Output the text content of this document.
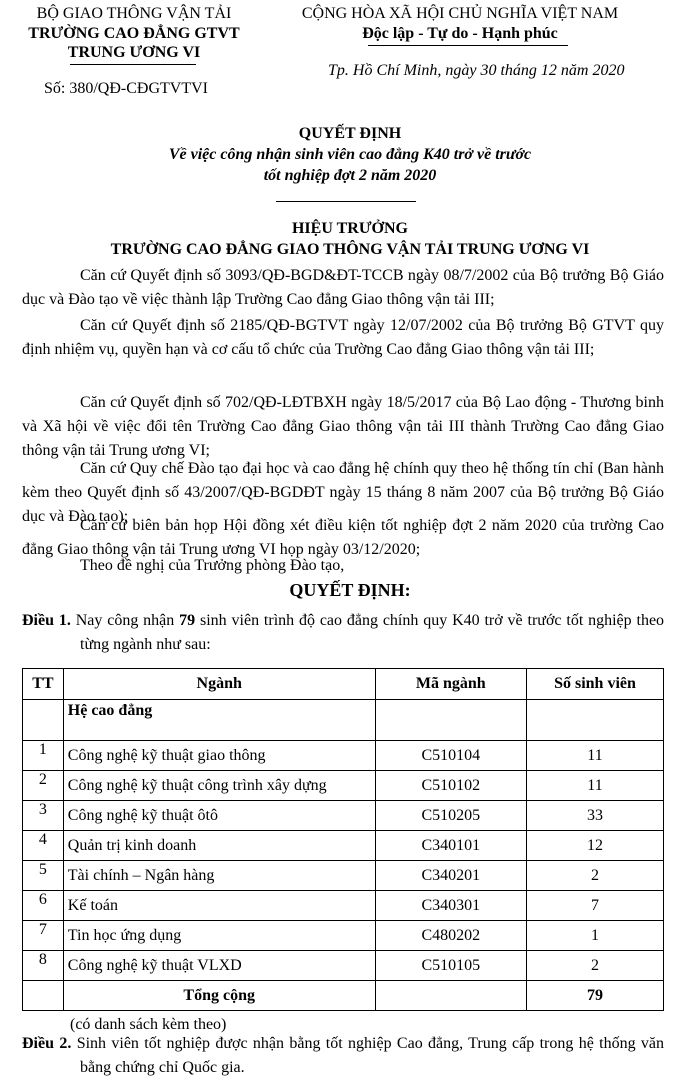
BỘ GIAO THÔNG VẬN TẢI
TRƯỜNG CAO ĐẲNG GTVT
TRUNG ƯƠNG VI
Số: 380/QĐ-CĐGTVTVI
CỘNG HÒA XÃ HỘI CHỦ NGHĨA VIỆT NAM
Độc lập - Tự do - Hạnh phúc
Tp. Hồ Chí Minh, ngày 30 tháng 12 năm 2020
QUYẾT ĐỊNH
Về việc công nhận sinh viên cao đẳng K40 trở về trước
tốt nghiệp đợt 2 năm 2020
HIỆU TRƯỞNG
TRƯỜNG CAO ĐẲNG GIAO THÔNG VẬN TẢI TRUNG ƯƠNG VI
Căn cứ Quyết định số 3093/QĐ-BGD&ĐT-TCCB ngày 08/7/2002 của Bộ trưởng Bộ Giáo dục và Đào tạo về việc thành lập Trường Cao đẳng Giao thông vận tải III;
Căn cứ Quyết định số 2185/QĐ-BGTVT ngày 12/07/2002 của Bộ trưởng Bộ GTVT quy định nhiệm vụ, quyền hạn và cơ cấu tổ chức của Trường Cao đẳng Giao thông vận tải III;
Căn cứ Quyết định số 702/QĐ-LĐTBXH ngày 18/5/2017 của Bộ Lao động - Thương binh và Xã hội về việc đổi tên Trường Cao đẳng Giao thông vận tải III thành Trường Cao đẳng Giao thông vận tải Trung ương VI;
Căn cứ Quy chế Đào tạo đại học và cao đẳng hệ chính quy theo hệ thống tín chỉ (Ban hành kèm theo Quyết định số 43/2007/QĐ-BGDĐT ngày 15 tháng 8 năm 2007 của Bộ trưởng Bộ Giáo dục và Đào tạo);
Căn cứ biên bản họp Hội đồng xét điều kiện tốt nghiệp đợt 2 năm 2020 của trường Cao đẳng Giao thông vận tải Trung ương VI họp ngày 03/12/2020;
Theo đề nghị của Trưởng phòng Đào tạo,
QUYẾT ĐỊNH:
Điều 1. Nay công nhận 79 sinh viên trình độ cao đẳng chính quy K40 trở về trước tốt nghiệp theo từng ngành như sau:
TT	Ngành	Mã ngành	Số sinh viên
	Hệ cao đẳng		
1	Công nghệ kỹ thuật giao thông	C510104	11
2	Công nghệ kỹ thuật công trình xây dựng	C510102	11
3	Công nghệ kỹ thuật ôtô	C510205	33
4	Quản trị kinh doanh	C340101	12
5	Tài chính – Ngân hàng	C340201	2
6	Kế toán	C340301	7
7	Tin học ứng dụng	C480202	1
8	Công nghệ kỹ thuật VLXD	C510105	2
	Tổng cộng		79
(có danh sách kèm theo)
Điều 2. Sinh viên tốt nghiệp được nhận bằng tốt nghiệp Cao đẳng, Trung cấp trong hệ thống văn bằng chứng chỉ Quốc gia.
